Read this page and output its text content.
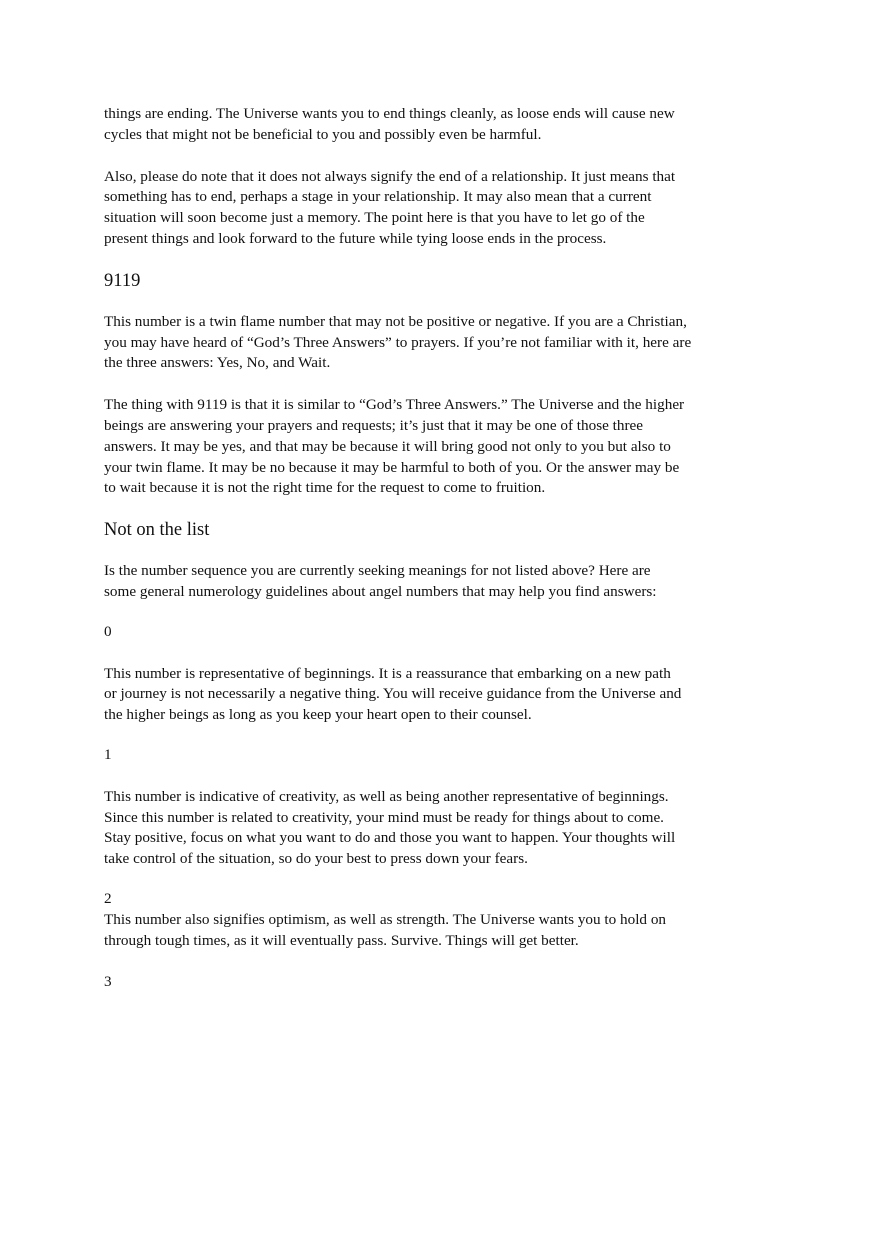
things are ending. The Universe wants you to end things cleanly, as loose ends will cause new
cycles that might not be beneficial to you and possibly even be harmful.

Also, please do note that it does not always signify the end of a relationship. It just means that
something has to end, perhaps a stage in your relationship. It may also mean that a current
situation will soon become just a memory. The point here is that you have to let go of the
present things and look forward to the future while tying loose ends in the process.

9119

This number is a twin flame number that may not be positive or negative. If you are a Christian,
you may have heard of “God’s Three Answers” to prayers. If you’re not familiar with it, here are
the three answers: Yes, No, and Wait.

The thing with 9119 is that it is similar to “God’s Three Answers.” The Universe and the higher
beings are answering your prayers and requests; it’s just that it may be one of those three
answers. It may be yes, and that may be because it will bring good not only to you but also to
your twin flame. It may be no because it may be harmful to both of you. Or the answer may be
to wait because it is not the right time for the request to come to fruition.

Not on the list

Is the number sequence you are currently seeking meanings for not listed above? Here are
some general numerology guidelines about angel numbers that may help you find answers:

0

This number is representative of beginnings. It is a reassurance that embarking on a new path
or journey is not necessarily a negative thing. You will receive guidance from the Universe and
the higher beings as long as you keep your heart open to their counsel.

1

This number is indicative of creativity, as well as being another representative of beginnings.
Since this number is related to creativity, your mind must be ready for things about to come.
Stay positive, focus on what you want to do and those you want to happen. Your thoughts will
take control of the situation, so do your best to press down your fears.

2

This number also signifies optimism, as well as strength. The Universe wants you to hold on
through tough times, as it will eventually pass. Survive. Things will get better.

3
